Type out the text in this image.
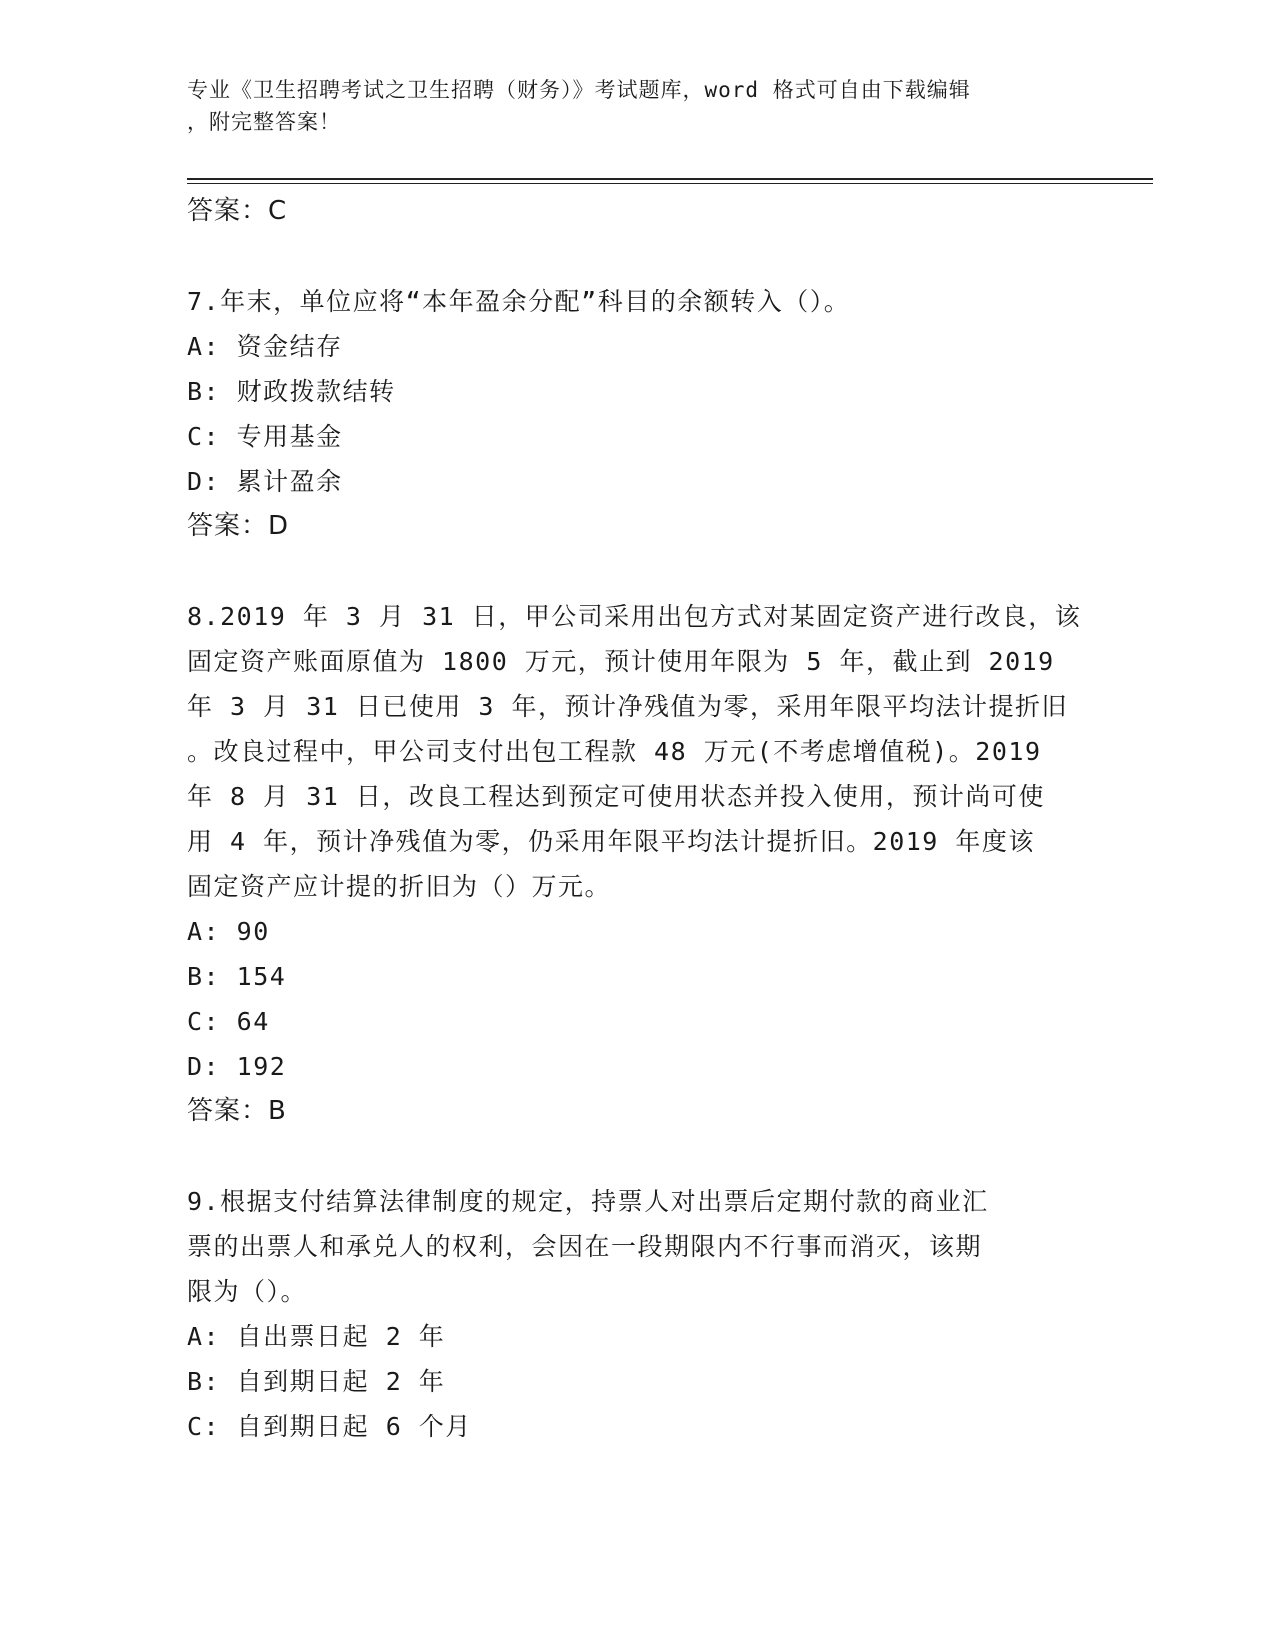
专业《卫生招聘考试之卫生招聘（财务）》考试题库，word 格式可自由下载编辑
，附完整答案！
答案：C
7.年末，单位应将“本年盈余分配”科目的余额转入（）。
A: 资金结存
B: 财政拨款结转
C: 专用基金
D: 累计盈余
答案：D
8.2019 年 3 月 31 日，甲公司采用出包方式对某固定资产进行改良，该
固定资产账面原值为 1800 万元，预计使用年限为 5 年，截止到 2019
年 3 月 31 日已使用 3 年，预计净残值为零，采用年限平均法计提折旧
。改良过程中，甲公司支付出包工程款 48 万元(不考虑增值税)。2019
年 8 月 31 日，改良工程达到预定可使用状态并投入使用，预计尚可使
用 4 年，预计净残值为零，仍采用年限平均法计提折旧。2019 年度该
固定资产应计提的折旧为（）万元。
A: 90
B: 154
C: 64
D: 192
答案：B
9.根据支付结算法律制度的规定，持票人对出票后定期付款的商业汇
票的出票人和承兑人的权利，会因在一段期限内不行事而消灭，该期
限为（）。
A: 自出票日起 2 年
B: 自到期日起 2 年
C: 自到期日起 6 个月
